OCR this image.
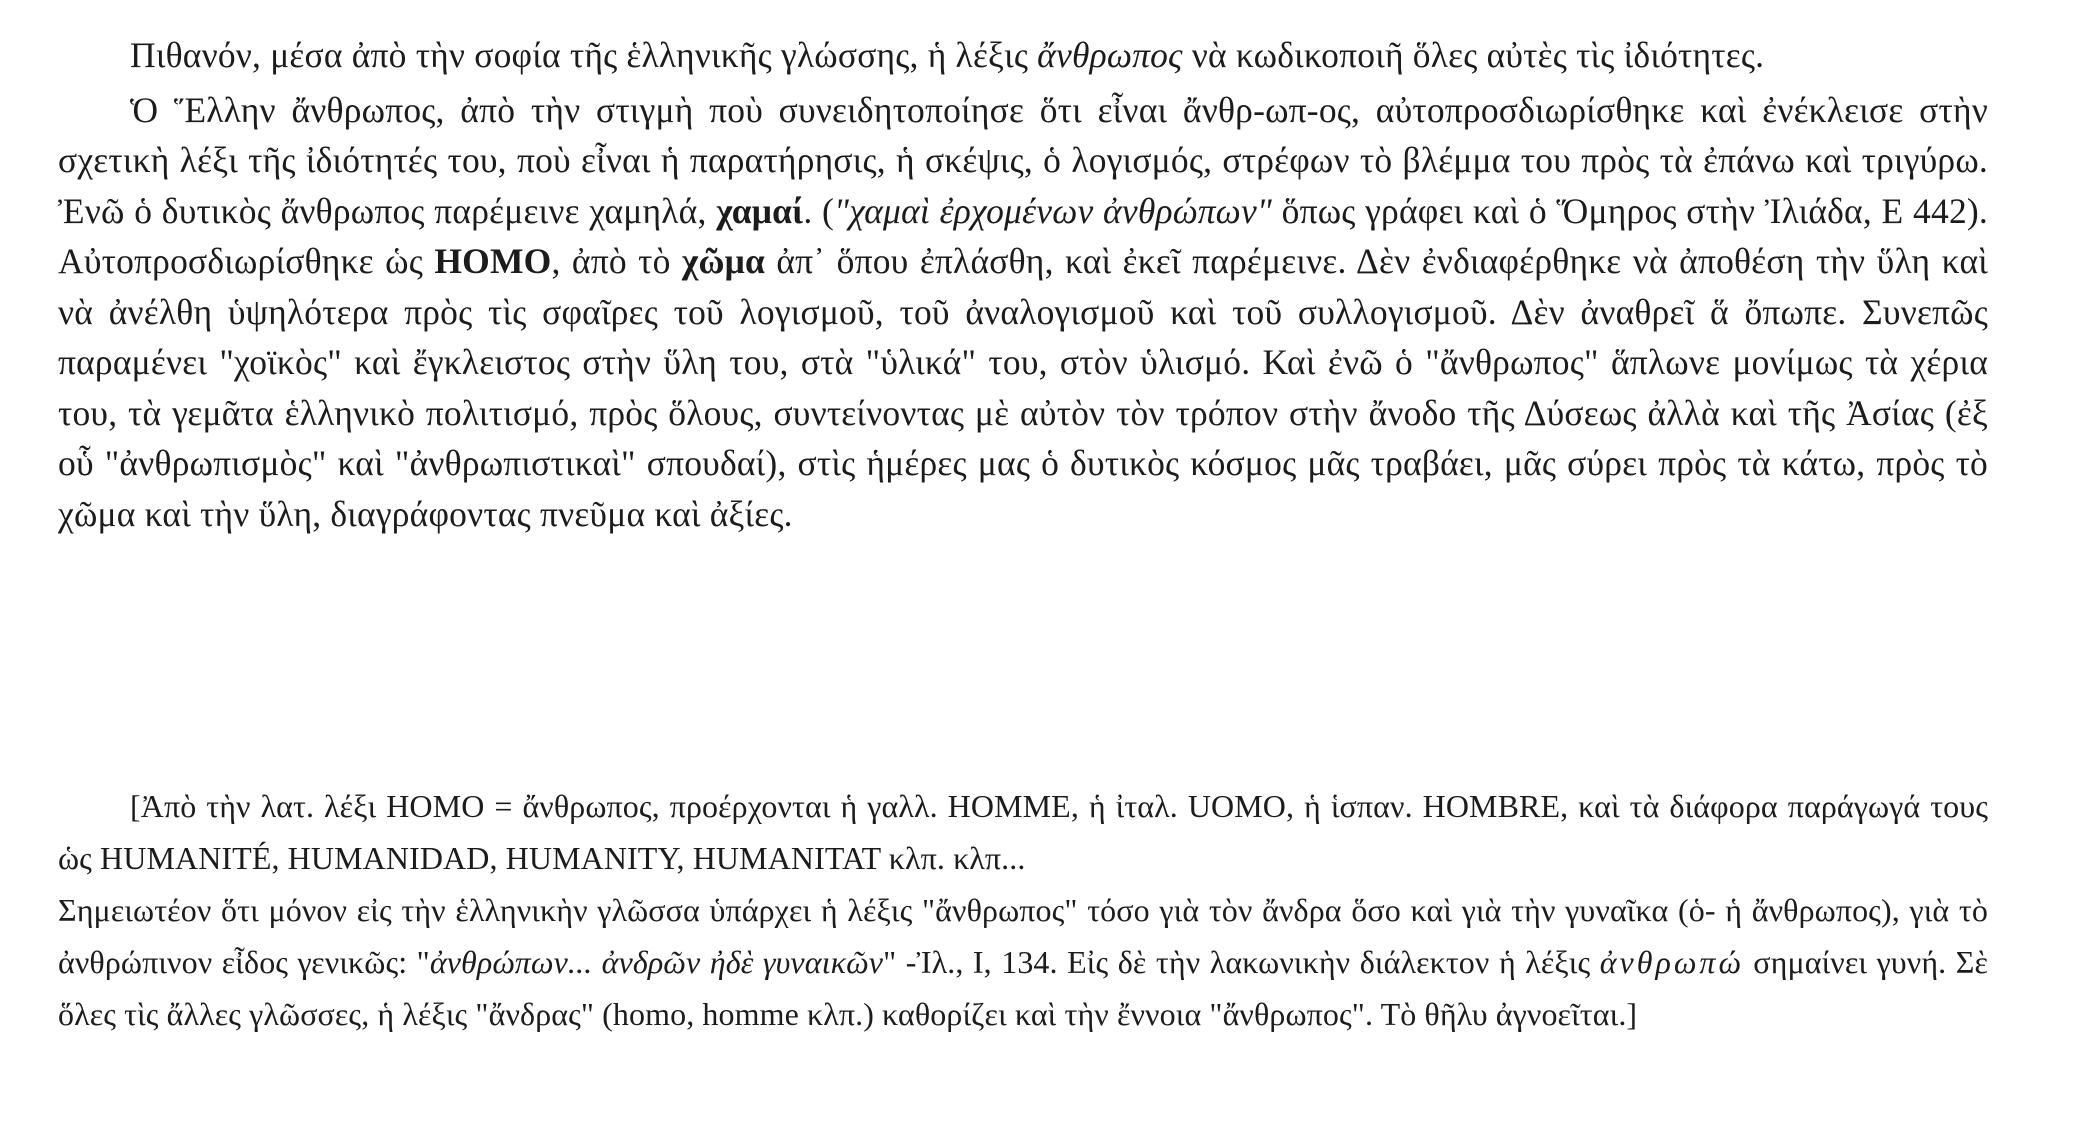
Πιθανόν, μέσα ἀπὸ τὴν σοφία τῆς ἑλληνικῆς γλώσσης, ἡ λέξις ἄνθρωπος νὰ κωδικοποιῆ ὅλες αὐτὲς τὶς ἰδιότητες.

Ὁ Ἕλλην ἄνθρωπος, ἀπὸ τὴν στιγμὴ ποὺ συνειδητοποίησε ὅτι εἶναι ἄνθρ-ωπ-ος, αὐτοπροσδιωρίσθηκε καὶ ἐνέκλεισε στὴν σχετικὴ λέξι τῆς ἰδιότητές του, ποὺ εἶναι ἡ παρατήρησις, ἡ σκέψις, ὁ λογισμός, στρέφων τὸ βλέμμα του πρὸς τὰ ἐπάνω καὶ τριγύρω. Ἐνῶ ὁ δυτικὸς ἄνθρωπος παρέμεινε χαμηλά, χαμαί. ("χαμαὶ ἐρχομένων ἀνθρώπων" ὅπως γράφει καὶ ὁ Ὅμηρος στὴν Ἰλιάδα, Ε 442). Αὐτοπροσδιωρίσθηκε ὡς HOMO, ἀπὸ τὸ χῶμα ἀπ᾽ ὅπου ἐπλάσθη, καὶ ἐκεῖ παρέμεινε. Δὲν ἐνδιαφέρθηκε νὰ ἀποθέση τὴν ὕλη καὶ νὰ ἀνέλθη ὑψηλότερα πρὸς τὶς σφαῖρες τοῦ λογισμοῦ, τοῦ ἀναλογισμοῦ καὶ τοῦ συλλογισμοῦ. Δὲν ἀναθρεῖ ἅ ὄπωπε. Συνεπῶς παραμένει "χοϊκὸς" καὶ ἔγκλειστος στὴν ὕλη του, στὰ "ὑλικά" του, στὸν ὑλισμό. Καὶ ἐνῶ ὁ "ἄνθρωπος" ἅπλωνε μονίμως τὰ χέρια του, τὰ γεμᾶτα ἑλληνικὸ πολιτισμό, πρὸς ὅλους, συντείνοντας μὲ αὐτὸν τὸν τρόπον στὴν ἄνοδο τῆς Δύσεως ἀλλὰ καὶ τῆς Ἀσίας (ἐξ οὗ "ἀνθρωπισμὸς" καὶ "ἀνθρωπιστικαὶ" σπουδαί), στὶς ἡμέρες μας ὁ δυτικὸς κόσμος μᾶς τραβάει, μᾶς σύρει πρὸς τὰ κάτω, πρὸς τὸ χῶμα καὶ τὴν ὕλη, διαγράφοντας πνεῦμα καὶ ἀξίες.

[Ἀπὸ τὴν λατ. λέξι HOMO = ἄνθρωπος, προέρχονται ἡ γαλλ. HOMME, ἡ ἰταλ. UOMO, ἡ ἱσπαν. HOMBRE, καὶ τὰ διάφορα παράγωγά τους ὡς HUMANITÉ, HUMANIDAD, HUMANITY, HUMANITAT κλπ. κλπ...

Σημειωτέον ὅτι μόνον εἰς τὴν ἑλληνικὴν γλῶσσα ὑπάρχει ἡ λέξις "ἄνθρωπος" τόσο γιὰ τὸν ἄνδρα ὅσο καὶ γιὰ τὴν γυναῖκα (ὁ- ἡ ἄνθρωπος), γιὰ τὸ ἀνθρώπινον εἶδος γενικῶς: "ἀνθρώπων... ἀνδρῶν ἠδὲ γυναικῶν" -Ἰλ., Ι, 134. Εἰς δὲ τὴν λακωνικὴν διάλεκτον ἡ λέξις ἀνθρωπώ σημαίνει γυνή. Σὲ ὅλες τὶς ἄλλες γλῶσσες, ἡ λέξις "ἄνδρας" (homo, homme κλπ.) καθορίζει καὶ τὴν ἔννοια "ἄνθρωπος". Τὸ θῆλυ ἀγνοεῖται.]
